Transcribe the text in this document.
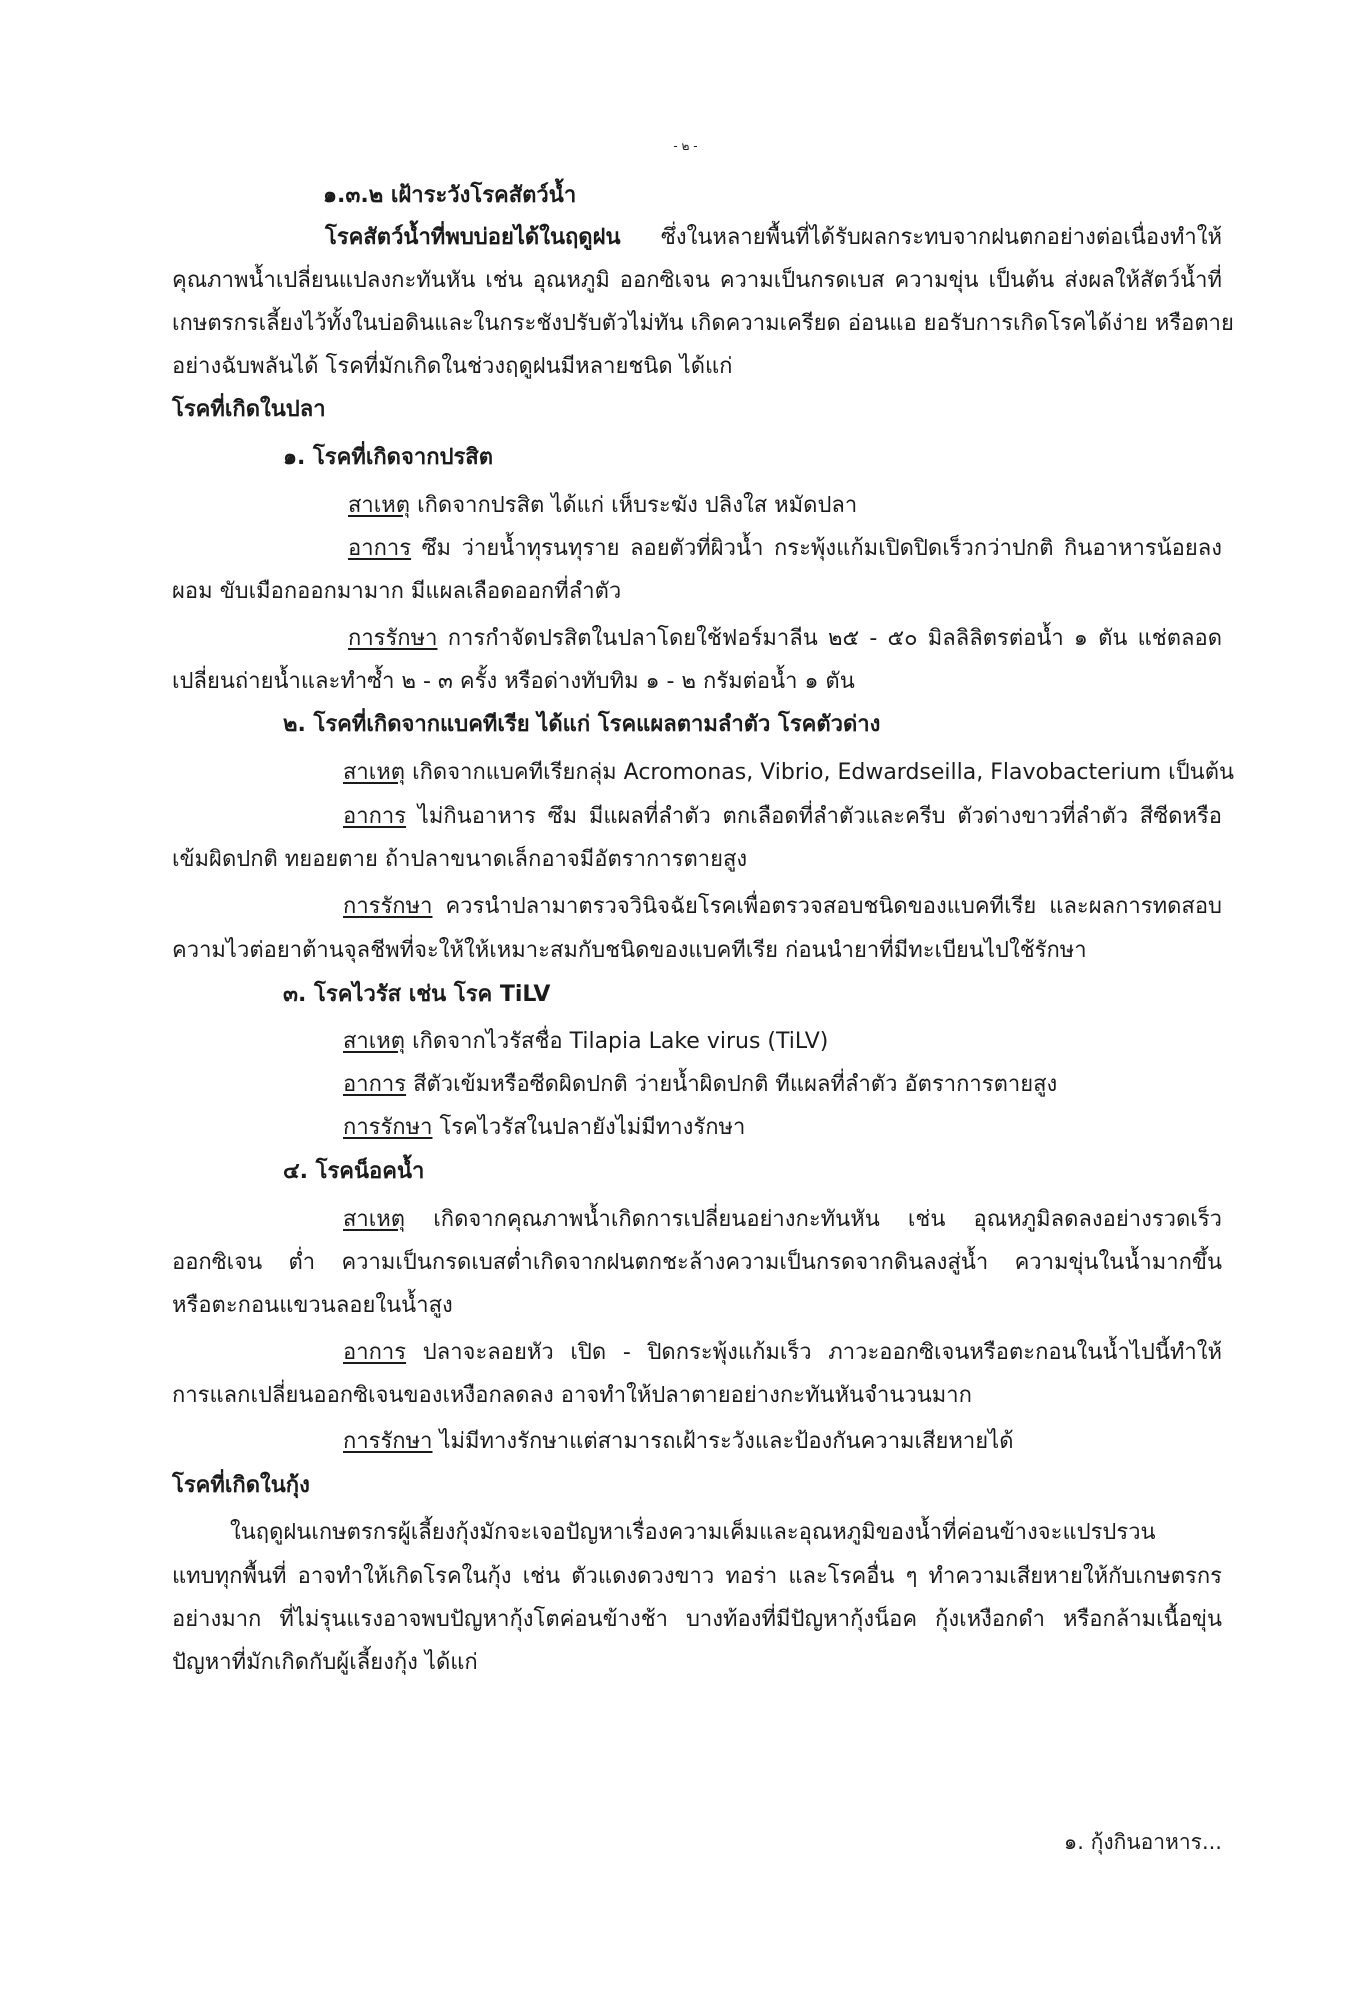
- ๒ -
๑.๓.๒ เฝ้าระวังโรคสัตว์น้ำ
โรคสัตว์น้ำที่พบบ่อยได้ในฤดูฝน ซึ่งในหลายพื้นที่ได้รับผลกระทบจากฝนตกอย่างต่อเนื่องทำให้
คุณภาพน้ำเปลี่ยนแปลงกะทันหัน เช่น อุณหภูมิ ออกซิเจน ความเป็นกรดเบส ความขุ่น เป็นต้น ส่งผลให้สัตว์น้ำที่
เกษตรกรเลี้ยงไว้ทั้งในบ่อดินและในกระชังปรับตัวไม่ทัน เกิดความเครียด อ่อนแอ ยอรับการเกิดโรคได้ง่าย หรือตาย
อย่างฉับพลันได้ โรคที่มักเกิดในช่วงฤดูฝนมีหลายชนิด ได้แก่
โรคที่เกิดในปลา
๑. โรคที่เกิดจากปรสิต
สาเหตุ เกิดจากปรสิต ได้แก่ เห็บระฆัง ปลิงใส หมัดปลา
อาการ ซึม ว่ายน้ำทุรนทุราย ลอยตัวที่ผิวน้ำ กระพุ้งแก้มเปิดปิดเร็วกว่าปกติ กินอาหารน้อยลง
ผอม ขับเมือกออกมามาก มีแผลเลือดออกที่ลำตัว
การรักษา การกำจัดปรสิตในปลาโดยใช้ฟอร์มาลีน ๒๕ - ๕๐ มิลลิลิตรต่อน้ำ ๑ ตัน แช่ตลอด
เปลี่ยนถ่ายน้ำและทำซ้ำ ๒ - ๓ ครั้ง หรือด่างทับทิม ๑ - ๒ กรัมต่อน้ำ ๑ ตัน
๒. โรคที่เกิดจากแบคทีเรีย ได้แก่ โรคแผลตามลำตัว โรคตัวด่าง
สาเหตุ เกิดจากแบคทีเรียกลุ่ม Acromonas, Vibrio, Edwardseilla, Flavobacterium เป็นต้น
อาการ ไม่กินอาหาร ซึม มีแผลที่ลำตัว ตกเลือดที่ลำตัวและครีบ ตัวด่างขาวที่ลำตัว สีซีดหรือ
เข้มผิดปกติ ทยอยตาย ถ้าปลาขนาดเล็กอาจมีอัตราการตายสูง
การรักษา ควรนำปลามาตรวจวินิจฉัยโรคเพื่อตรวจสอบชนิดของแบคทีเรีย และผลการทดสอบ
ความไวต่อยาต้านจุลชีพที่จะให้ให้เหมาะสมกับชนิดของแบคทีเรีย ก่อนนำยาที่มีทะเบียนไปใช้รักษา
๓. โรคไวรัส เช่น โรค TiLV
สาเหตุ เกิดจากไวรัสชื่อ Tilapia Lake virus (TiLV)
อาการ สีตัวเข้มหรือซีดผิดปกติ ว่ายน้ำผิดปกติ ทีแผลที่ลำตัว อัตราการตายสูง
การรักษา โรคไวรัสในปลายังไม่มีทางรักษา
๔. โรคน็อคน้ำ
สาเหตุ เกิดจากคุณภาพน้ำเกิดการเปลี่ยนอย่างกะทันหัน เช่น อุณหภูมิลดลงอย่างรวดเร็ว
ออกซิเจน ต่ำ ความเป็นกรดเบสต่ำเกิดจากฝนตกชะล้างความเป็นกรดจากดินลงสู่น้ำ ความขุ่นในน้ำมากขึ้น
หรือตะกอนแขวนลอยในน้ำสูง
อาการ ปลาจะลอยหัว เปิด - ปิดกระพุ้งแก้มเร็ว ภาวะออกซิเจนหรือตะกอนในน้ำไปนี้ทำให้
การแลกเปลี่ยนออกซิเจนของเหงือกลดลง อาจทำให้ปลาตายอย่างกะทันหันจำนวนมาก
การรักษา ไม่มีทางรักษาแต่สามารถเฝ้าระวังและป้องกันความเสียหายได้
โรคที่เกิดในกุ้ง
ในฤดูฝนเกษตรกรผู้เลี้ยงกุ้งมักจะเจอปัญหาเรื่องความเค็มและอุณหภูมิของน้ำที่ค่อนข้างจะแปรปรวน
แทบทุกพื้นที่ อาจทำให้เกิดโรคในกุ้ง เช่น ตัวแดงดวงขาว ทอร่า และโรคอื่น ๆ ทำความเสียหายให้กับเกษตรกร
อย่างมาก ที่ไม่รุนแรงอาจพบปัญหากุ้งโตค่อนข้างช้า บางท้องที่มีปัญหากุ้งน็อค กุ้งเหงือกดำ หรือกล้ามเนื้อขุ่น
ปัญหาที่มักเกิดกับผู้เลี้ยงกุ้ง ได้แก่
๑. กุ้งกินอาหาร...
